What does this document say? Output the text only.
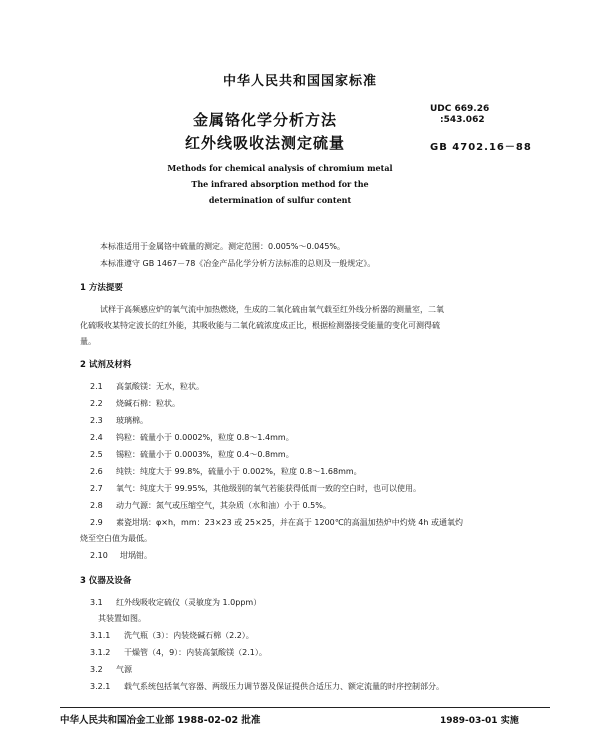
中华人民共和国国家标准
金属铬化学分析方法
红外线吸收法测定硫量
UDC 669.26
:543.062
GB 4702.16－88
Methods for chemical analysis of chromium metal
The infrared absorption method for the
determination of sulfur content
本标准适用于金属铬中硫量的测定。测定范围：0.005%～0.045%。
本标准遵守 GB 1467－78《冶金产品化学分析方法标准的总则及一般规定》。
1 方法提要
试样于高频感应炉的氧气流中加热燃烧，生成的二氧化硫由氧气载至红外线分析器的测量室，二氧
化硫吸收某特定波长的红外能，其吸收能与二氧化硫浓度成正比，根据检测器接受能量的变化可测得硫
量。
2 试剂及材料
2.1 高氯酸镁：无水，粒状。
2.2 烧碱石棉：粒状。
2.3 玻璃棉。
2.4 钨粒：硫量小于 0.0002%，粒度 0.8～1.4mm。
2.5 锡粒：硫量小于 0.0003%，粒度 0.4～0.8mm。
2.6 纯铁：纯度大于 99.8%，硫量小于 0.002%，粒度 0.8～1.68mm。
2.7 氧气：纯度大于 99.95%，其他级别的氧气若能获得低而一致的空白时，也可以使用。
2.8 动力气源：氮气或压缩空气，其杂质（水和油）小于 0.5%。
2.9 素瓷坩埚：φ×h，mm：23×23 或 25×25，并在高于 1200℃的高温加热炉中灼烧 4h 或通氧灼
烧至空白值为最低。
2.10 坩埚钳。
3 仪器及设备
3.1 红外线吸收定硫仪（灵敏度为 1.0ppm）
其装置如图。
3.1.1 洗气瓶（3）：内装烧碱石棉（2.2）。
3.1.2 干燥管（4，9）：内装高氯酸镁（2.1）。
3.2 气源
3.2.1 载气系统包括氧气容器、两级压力调节器及保证提供合适压力、额定流量的时序控制部分。
中华人民共和国冶金工业部 1988-02-02 批准	1989-03-01 实施
